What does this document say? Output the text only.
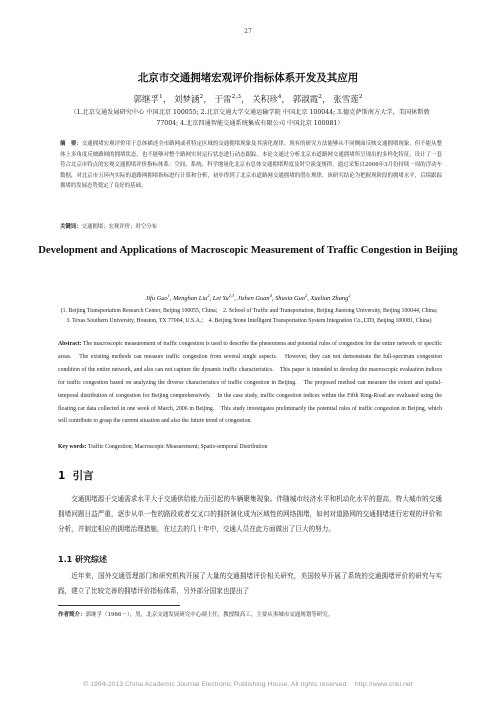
27
北京市交通拥堵宏观评价指标体系开发及其应用
郭继孚$^1$， 刘梦涵$^2$， 于雷$^{2,3}$， 关积珍$^4$， 郭淑霞$^2$， 张雪莲$^2$
（1.北京交通发展研究中心 中国北京 100055; 2.北京交通大学交通运输学院 中国北京 100044; 3.德克萨斯南方大学，美国休斯敦 77004; 4.北京四通智能交通系统集成有限公司 中国北京 100081）
摘　要：交通拥堵宏观评价用于总体描述全市路网或者特定区域的交通拥堵现象及其演化规律。现有的研究方法能够从不同侧面反映交通拥堵现象，但不能从整体上多角度反映路网的拥堵状态，也不能够对整个路网实时运行状态进行动态跟踪。本论文通过分析北京市道路网交通拥堵所呈现出的多样化特征，设计了一套符合北京市特点的宏观交通拥堵评价指标体系：空间、系统、科学地量化北京市总体交通拥堵程度及时空演变规律。通过采集自2006年3月份持续一周的浮动车数据，对北京市五环内实际的道路网拥堵指标进行计算和分析，初步得到了北京市道路网交通拥堵的潜在规律，该研究结论为把握现阶段的拥堵水平，后续跟踪拥堵的发展态势奠定了良好的基础。
关键词：交通拥堵；宏观评价；时空分布
Development and Applications of Macroscopic Measurement of Traffic Congestion in Beijing
Jifu Guo$^1$, Menghan Liu$^2$, Lei Yu$^{2,3}$, Jizhen Guan$^4$, Shuxia Guo$^2$, Xuelian Zhang$^2$
(1. Beijing Transportation Research Center, Beijing 100055, China;　2. School of Traffic and Transportation, Beijing Jiaotong University, Beijing 100044, China;　3. Texas Southern University, Houston, TX 77004, U.S.A.;　4. Beijing Stone Intelligent Transportation System Integration Co.,LTD, Beijing 100081, China)
Abstract: The macroscopic measurement of traffic congestion is used to describe the phenomena and potential rules of congestion for the entire network or specific areas.　The existing methods can measure traffic congestion from several single aspects.　However, they can not demonstrate the full-spectrum congestion condition of the entire network, and also can not capture the dynamic traffic characteristics.　This paper is intended to develop the macroscopic evaluation indices for traffic congestion based on analyzing the diverse characteristics of traffic congestion in Beijing.　The proposed method can measure the extent and spatial-temporal distribution of congestion for Beijing comprehensively.　In the case study, traffic congestion indices within the Fifth Ring-Road are evaluated using the floating car data collected in one week of March, 2006 in Beijing.　This study investigates preliminarily the potential rules of traffic congestion in Beijing, which will contribute to grasp the current situation and also the future trend of congestion.
Key words: Traffic Congestion; Macroscopic Measurement; Spatio-temporal Distribution
1 引言
交通拥堵源于交通需求水平大于交通供给能力而引起的车辆聚集现象。伴随城市经济水平和机动化水平的提高，特大城市的交通拥堵问题日益严重，逐步从单一性的路段或者交叉口的拥挤演化成为区域性的网络拥堵，如何对道路网的交通拥堵进行宏观的评价和分析，并制定相应的拥堵治理措施，在过去的几十年中，交通人员在此方面做出了巨大的努力。
1.1 研究综述
近年来，国外交通管理部门和研究机构开展了大量的交通拥堵评价相关研究，美国较早开展了系统的交通拥堵评价的研究与实践，建立了比较完善的拥堵评价指标体系，另外部分国家也提出了
作者简介：郭继孚（1966－），男，北京交通发展研究中心副主任，教授级高工，主要从事城市交通规划等研究。
© 1994-2013 China Academic Journal Electronic Publishing House. All rights reserved.　http://www.cnki.net
